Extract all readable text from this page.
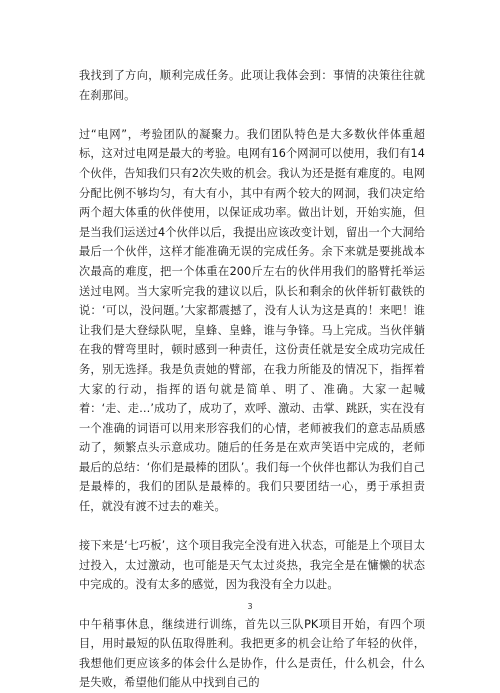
我找到了方向，顺利完成任务。此项让我体会到：事情的决策往往就在刹那间。

过“电网”，考验团队的凝聚力。我们团队特色是大多数伙伴体重超标，这对过电网是最大的考验。电网有16个网洞可以使用，我们有14个伙伴，告知我们只有2次失败的机会。我认为还是挺有难度的。电网分配比例不够均匀，有大有小，其中有两个较大的网洞，我们决定给两个超大体重的伙伴使用，以保证成功率。做出计划，开始实施，但是当我们运送过4个伙伴以后，我提出应该改变计划，留出一个大洞给最后一个伙伴，这样才能准确无误的完成任务。余下来就是要挑战本次最高的难度，把一个体重在200斤左右的伙伴用我们的胳臂托举运送过电网。当大家听完我的建议以后，队长和剩余的伙伴斩钉截铁的说：‘可以，没问题。’大家都震撼了，没有人认为这是真的！来吧！谁让我们是大登绿队呢，皇蜂、皇蜂，谁与争锋。马上完成。当伙伴躺在我的臂弯里时，顿时感到一种责任，这份责任就是安全成功完成任务，别无选择。我是负责她的臂部，在我力所能及的情况下，指挥着大家的行动，指挥的语句就是简单、明了、准确。大家一起喊着：‘走、走…’成功了，成功了，欢呼、激动、击掌、跳跃，实在没有一个准确的词语可以用来形容我们的心情，老师被我们的意志品质感动了，频繁点头示意成功。随后的任务是在欢声笑语中完成的，老师最后的总结：‘你们是最棒的团队’。我们每一个伙伴也都认为我们自己是最棒的，我们的团队是最棒的。我们只要团结一心，勇于承担责任，就没有渡不过去的难关。

接下来是‘七巧板’，这个项目我完全没有进入状态，可能是上个项目太过投入，太过激动，也可能是天气太过炎热，我完全是在慵懒的状态中完成的。没有太多的感觉，因为我没有全力以赴。

中午稍事休息，继续进行训练，首先以三队PK项目开始，有四个项目，用时最短的队伍取得胜利。我把更多的机会让给了年轻的伙伴，我想他们更应该多的体会什么是协作，什么是责任，什么机会，什么是失败，希望他们能从中找到自己的

3
